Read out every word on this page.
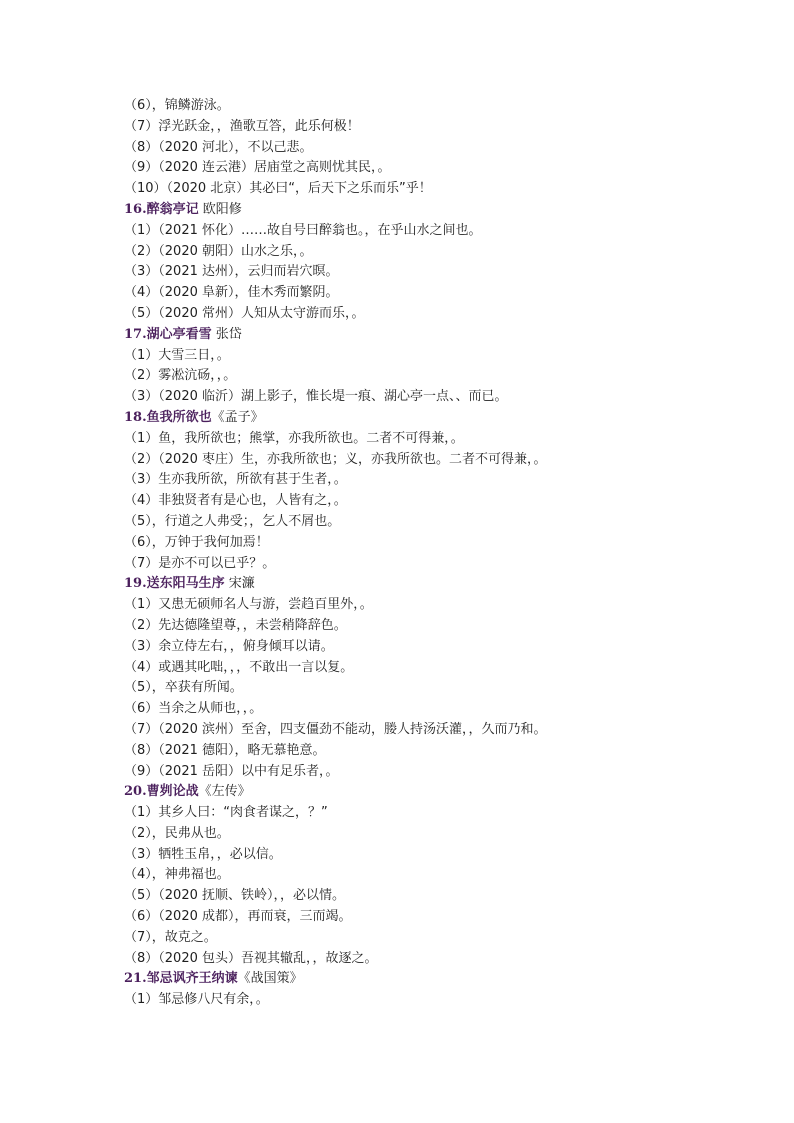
（6），锦鳞游泳。
（7）浮光跃金，，渔歌互答，此乐何极！
（8）（2020 河北），不以己悲。
（9）（2020 连云港）居庙堂之高则忧其民，。
（10）（2020 北京）其必曰“，后天下之乐而乐”乎！
16.醉翁亭记 欧阳修
（1）（2021 怀化）……故自号曰醉翁也。，在乎山水之间也。
（2）（2020 朝阳）山水之乐，。
（3）（2021 达州），云归而岩穴暝。
（4）（2020 阜新），佳木秀而繁阴。
（5）（2020 常州）人知从太守游而乐，。
17.湖心亭看雪 张岱
（1）大雪三日，。
（2）雾凇沆砀，，。
（3）（2020 临沂）湖上影子，惟长堤一痕、湖心亭一点、、而已。
18.鱼我所欲也《孟子》
（1）鱼，我所欲也；熊掌，亦我所欲也。二者不可得兼，。
（2）（2020 枣庄）生，亦我所欲也；义，亦我所欲也。二者不可得兼，。
（3）生亦我所欲，所欲有甚于生者，。
（4）非独贤者有是心也，人皆有之，。
（5），行道之人弗受；，乞人不屑也。
（6），万钟于我何加焉！
（7）是亦不可以已乎？。
19.送东阳马生序 宋濂
（1）又患无硕师名人与游，尝趋百里外，。
（2）先达德隆望尊，，未尝稍降辞色。
（3）余立侍左右，，俯身倾耳以请。
（4）或遇其叱咄，，，不敢出一言以复。
（5），卒获有所闻。
（6）当余之从师也，，。
（7）（2020 滨州）至舍，四支僵劲不能动，媵人持汤沃灌，，久而乃和。
（8）（2021 德阳），略无慕艳意。
（9）（2021 岳阳）以中有足乐者，。
20.曹刿论战《左传》
（1）其乡人曰：“肉食者谋之，？”
（2），民弗从也。
（3）牺牲玉帛，，必以信。
（4），神弗福也。
（5）（2020 抚顺、铁岭），，必以情。
（6）（2020 成都），再而衰，三而竭。
（7），故克之。
（8）（2020 包头）吾视其辙乱，，故逐之。
21.邹忌讽齐王纳谏《战国策》
（1）邹忌修八尺有余，。
